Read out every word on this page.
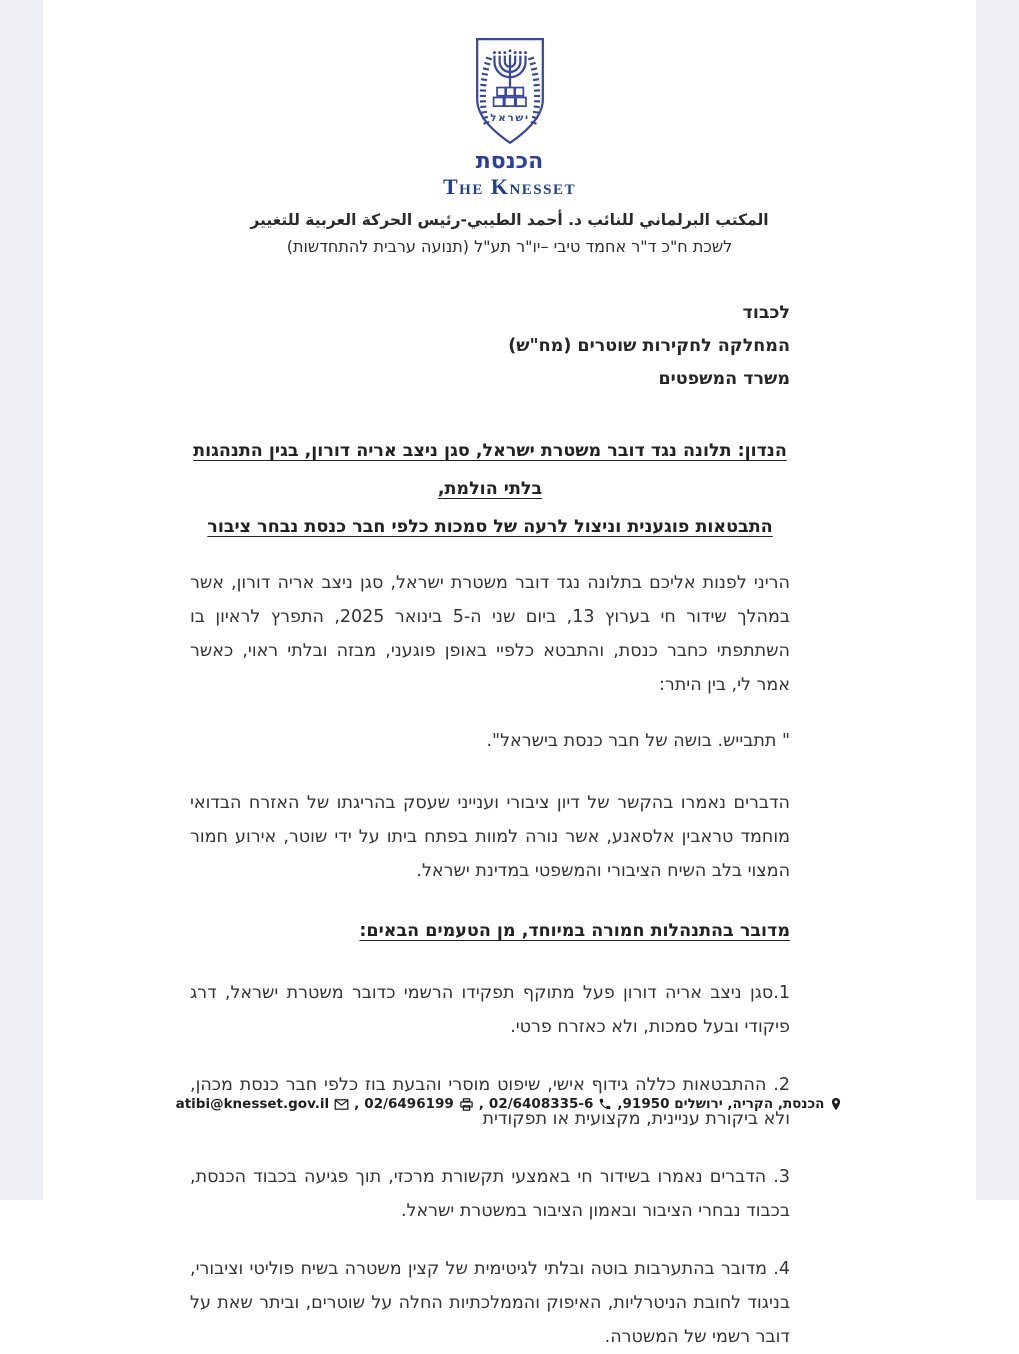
ישראל
הכנסת
The Knesset
المكتب البرلماني للنائب د. أحمد الطيبي-رئيس الحركة العربية للتغيير
לשכת ח"כ ד"ר אחמד טיבי –יו"ר תע"ל (תנועה ערבית להתחדשות)
לכבוד
המחלקה לחקירות שוטרים (מח"ש)
משרד המשפטים
הנדון: תלונה נגד דובר משטרת ישראל, סגן ניצב אריה דורון, בגין התנהגות בלתי הולמת,
התבטאות פוגענית וניצול לרעה של סמכות כלפי חבר כנסת נבחר ציבור
הריני לפנות אליכם בתלונה נגד דובר משטרת ישראל, סגן ניצב אריה דורון, אשר במהלך שידור חי בערוץ 13, ביום שני ה-5 בינואר 2025, התפרץ לראיון בו השתתפתי כחבר כנסת, והתבטא כלפיי באופן פוגעני, מבזה ובלתי ראוי, כאשר אמר לי, בין היתר:
" תתבייש. בושה של חבר כנסת בישראל".
הדברים נאמרו בהקשר של דיון ציבורי וענייני שעסק בהריגתו של האזרח הבדואי מוחמד טראבין אלסאנע, אשר נורה למוות בפתח ביתו על ידי שוטר, אירוע חמור המצוי בלב השיח הציבורי והמשפטי במדינת ישראל.
מדובר בהתנהלות חמורה במיוחד, מן הטעמים הבאים:
1.סגן ניצב אריה דורון פעל מתוקף תפקידו הרשמי כדובר משטרת ישראל, דרג פיקודי ובעל סמכות, ולא כאזרח פרטי.
2. ההתבטאות כללה גידוף אישי, שיפוט מוסרי והבעת בוז כלפי חבר כנסת מכהן, ולא ביקורת עניינית, מקצועית או תפקודית
3. הדברים נאמרו בשידור חי באמצעי תקשורת מרכזי, תוך פגיעה בכבוד הכנסת, בכבוד נבחרי הציבור ובאמון הציבור במשטרת ישראל.
4. מדובר בהתערבות בוטה ובלתי לגיטימית של קצין משטרה בשיח פוליטי וציבורי, בניגוד לחובת הניטרליות, האיפוק והממלכתיות החלה על שוטרים, וביתר שאת על דובר רשמי של המשטרה.
הכנסת, הקריה, ירושלים 91950,
02/6408335-6
,
02/6496199
,
atibi@knesset.gov.il
